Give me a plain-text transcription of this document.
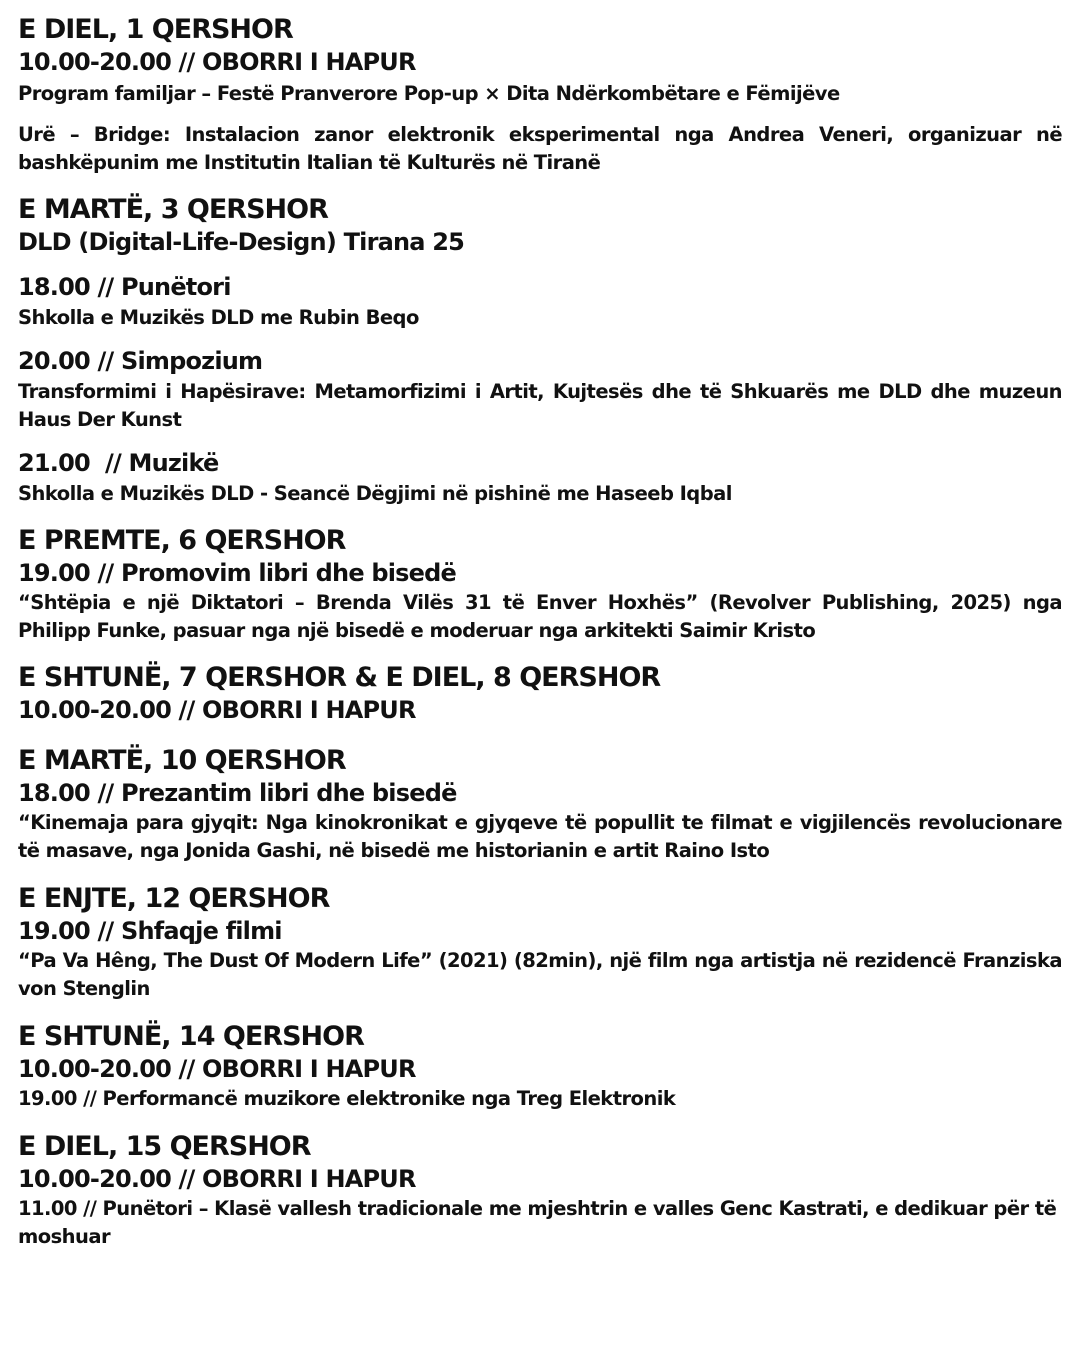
E DIEL, 1 QERSHOR

10.00-20.00 // OBORRI I HAPUR

Program familjar – Festë Pranverore Pop-up × Dita Ndërkombëtare e Fëmijëve

Urë – Bridge: Instalacion zanor elektronik eksperimental nga Andrea Veneri, organizuar në bashkëpunim me Institutin Italian të Kulturës në Tiranë

E MARTË, 3 QERSHOR

DLD (Digital-Life-Design) Tirana 25

18.00 // Punëtori

Shkolla e Muzikës DLD me Rubin Beqo

20.00 // Simpozium

Transformimi i Hapësirave: Metamorfizimi i Artit, Kujtesës dhe të Shkuarës me DLD dhe muzeun Haus Der Kunst

21.00  // Muzikë

Shkolla e Muzikës DLD - Seancë Dëgjimi në pishinë me Haseeb Iqbal

E PREMTE, 6 QERSHOR

19.00 // Promovim libri dhe bisedë

“Shtëpia e një Diktatori – Brenda Vilës 31 të Enver Hoxhës” (Revolver Publishing, 2025) nga Philipp Funke, pasuar nga një bisedë e moderuar nga arkitekti Saimir Kristo

E SHTUNË, 7 QERSHOR & E DIEL, 8 QERSHOR

10.00-20.00 // OBORRI I HAPUR

E MARTË, 10 QERSHOR

18.00 // Prezantim libri dhe bisedë

“Kinemaja para gjyqit: Nga kinokronikat e gjyqeve të popullit te filmat e vigjilencës revolucionare të masave, nga Jonida Gashi, në bisedë me historianin e artit Raino Isto

E ENJTE, 12 QERSHOR

19.00 // Shfaqje filmi

“Pa Va Hêng, The Dust Of Modern Life” (2021) (82min), një film nga artistja në rezidencë Franziska von Stenglin

E SHTUNË, 14 QERSHOR

10.00-20.00 // OBORRI I HAPUR

19.00 // Performancë muzikore elektronike nga Treg Elektronik

E DIEL, 15 QERSHOR

10.00-20.00 // OBORRI I HAPUR

11.00 // Punëtori – Klasë vallesh tradicionale me mjeshtrin e valles Genc Kastrati, e dedikuar për të moshuar
